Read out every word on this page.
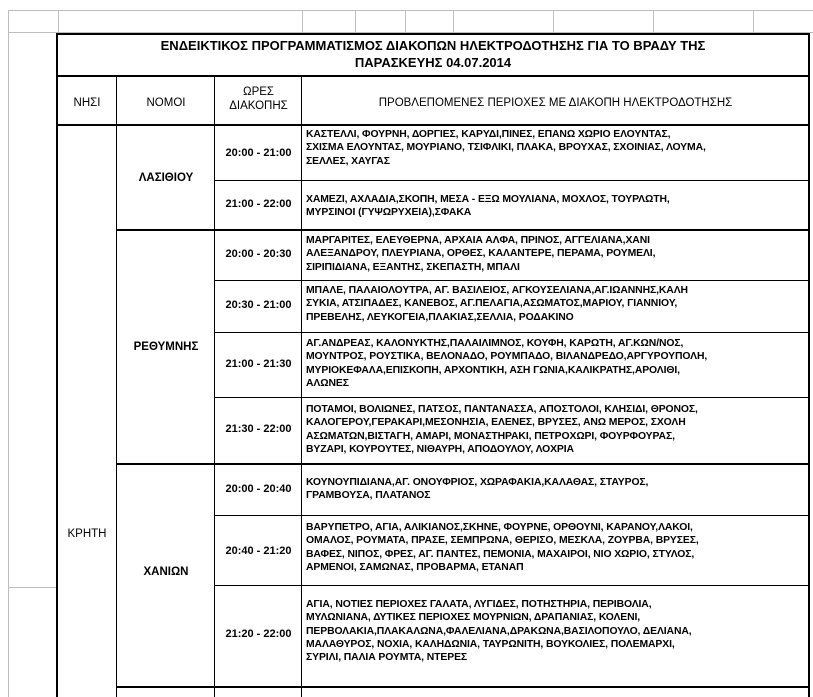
ΕΝΔΕΙΚΤΙΚΟΣ ΠΡΟΓΡΑΜΜΑΤΙΣΜΟΣ ΔΙΑΚΟΠΩΝ ΗΛΕΚΤΡΟΔΟΤΗΣΗΣ ΓΙΑ ΤΟ ΒΡΑΔΥ ΤΗΣ
ΠΑΡΑΣΚΕΥΗΣ 04.07.2014
ΝΗΣΙ	ΝΟΜΟΙ
ΩΡΕΣ
ΔΙΑΚΟΠΗΣ	ΠΡΟΒΛΕΠΟΜΕΝΕΣ ΠΕΡΙΟΧΕΣ ΜΕ ΔΙΑΚΟΠΗ ΗΛΕΚΤΡΟΔΟΤΗΣΗΣ
ΚΡΗΤΗ
ΛΑΣΙΘΙΟΥ
ΡΕΘΥΜΝΗΣ
ΧΑΝΙΩΝ
20:00 - 21:00
21:00 - 22:00
20:00 - 20:30
20:30 - 21:00
21:00 - 21:30
21:30 - 22:00
20:00 - 20:40
20:40 - 21:20
21:20 - 22:00
ΚΑΣΤΕΛΛΙ, ΦΟΥΡΝΗ, ΔΟΡΓΙΕΣ, ΚΑΡΥΔΙ,ΠΙΝΕΣ, ΕΠΑΝΩ ΧΩΡΙΟ ΕΛΟΥΝΤΑΣ,
ΣΧΙΣΜΑ ΕΛΟΥΝΤΑΣ, ΜΟΥΡΙΑΝΟ, ΤΣΙΦΛΙΚΙ, ΠΛΑΚΑ, ΒΡΟΥΧΑΣ, ΣΧΟΙΝΙΑΣ, ΛΟΥΜΑ,
ΣΕΛΛΕΣ, ΧΑΥΓΑΣ
ΧΑΜΕΖΙ, ΑΧΛΑΔΙΑ,ΣΚΟΠΗ, ΜΕΣΑ - ΕΞΩ ΜΟΥΛΙΑΝΑ, ΜΟΧΛΟΣ, ΤΟΥΡΛΩΤΗ,
ΜΥΡΣΙΝΟΙ (ΓΥΨΩΡΥΧΕΙΑ),ΣΦΑΚΑ
ΜΑΡΓΑΡΙΤΕΣ, ΕΛΕΥΘΕΡΝΑ, ΑΡΧΑΙΑ ΑΛΦΑ, ΠΡΙΝΟΣ, ΑΓΓΕΛΙΑΝΑ,ΧΑΝΙ
ΑΛΕΞΑΝΔΡΟΥ, ΠΛΕΥΡΙΑΝΑ, ΟΡΘΕΣ, ΚΑΛΑΝΤΕΡΕ, ΠΕΡΑΜΑ, ΡΟΥΜΕΛΙ,
ΣΙΡΙΠΙΔΙΑΝΑ, ΕΞΑΝΤΗΣ, ΣΚΕΠΑΣΤΗ, ΜΠΑΛΙ
ΜΠΑΛΕ, ΠΑΛΑΙΟΛΟΥΤΡΑ, ΑΓ. ΒΑΣΙΛΕΙΟΣ, ΑΓΚΟΥΣΕΛΙΑΝΑ,ΑΓ.ΙΩΑΝΝΗΣ,ΚΑΛΗ
ΣΥΚΙΑ, ΑΤΣΙΠΑΔΕΣ, ΚΑΝΕΒΟΣ, ΑΓ.ΠΕΛΑΓΙΑ,ΑΣΩΜΑΤΟΣ,ΜΑΡΙΟΥ, ΓΙΑΝΝΙΟΥ,
ΠΡΕΒΕΛΗΣ, ΛΕΥΚΟΓΕΙΑ,ΠΛΑΚΙΑΣ,ΣΕΛΛΙΑ, ΡΟΔΑΚΙΝΟ
ΑΓ.ΑΝΔΡΕΑΣ, ΚΑΛΟΝΥΚΤΗΣ,ΠΑΛΑΙΛΙΜΝΟΣ, ΚΟΥΦΗ, ΚΑΡΩΤΗ, ΑΓ.ΚΩΝ/ΝΟΣ,
ΜΟΥΝΤΡΟΣ, ΡΟΥΣΤΙΚΑ, ΒΕΛΟΝΑΔΟ, ΡΟΥΜΠΑΔΟ, ΒΙΛΑΝΔΡΕΔΟ,ΑΡΓΥΡΟΥΠΟΛΗ,
ΜΥΡΙΟΚΕΦΑΛΑ,ΕΠΙΣΚΟΠΗ, ΑΡΧΟΝΤΙΚΗ, ΑΣΗ ΓΩΝΙΑ,ΚΑΛΙΚΡΑΤΗΣ,ΑΡΟΛΙΘΙ,
ΑΛΩΝΕΣ
ΠΟΤΑΜΟΙ, ΒΟΛΙΩΝΕΣ, ΠΑΤΣΟΣ, ΠΑΝΤΑΝΑΣΣΑ, ΑΠΟΣΤΟΛΟΙ, ΚΛΗΣΙΔΙ, ΘΡΟΝΟΣ,
ΚΑΛΟΓΕΡΟΥ,ΓΕΡΑΚΑΡΙ,ΜΕΣΟΝΗΣΙΑ, ΕΛΕΝΕΣ, ΒΡΥΣΕΣ, ΑΝΩ ΜΕΡΟΣ, ΣΧΟΛΗ
ΑΣΩΜΑΤΩΝ,ΒΙΣΤΑΓΗ, ΑΜΑΡΙ, ΜΟΝΑΣΤΗΡΑΚΙ, ΠΕΤΡΟΧΩΡΙ, ΦΟΥΡΦΟΥΡΑΣ,
ΒΥΖΑΡΙ, ΚΟΥΡΟΥΤΕΣ, ΝΙΘΑΥΡΗ, ΑΠΟΔΟΥΛΟΥ, ΛΟΧΡΙΑ
ΚΟΥΝΟΥΠΙΔΙΑΝΑ,ΑΓ. ΟΝΟΥΦΡΙΟΣ, ΧΩΡΑΦΑΚΙΑ,ΚΑΛΑΘΑΣ, ΣΤΑΥΡΟΣ,
ΓΡΑΜΒΟΥΣΑ, ΠΛΑΤΑΝΟΣ
ΒΑΡΥΠΕΤΡΟ, ΑΓΙΑ, ΑΛΙΚΙΑΝΟΣ,ΣΚΗΝΕ, ΦΟΥΡΝΕ, ΟΡΘΟΥΝΙ, ΚΑΡΑΝΟΥ,ΛΑΚΟΙ,
ΟΜΑΛΟΣ, ΡΟΥΜΑΤΑ, ΠΡΑΣΕ, ΣΕΜΠΡΩΝΑ, ΘΕΡΙΣΟ, ΜΕΣΚΛΑ, ΖΟΥΡΒΑ, ΒΡΥΣΕΣ,
ΒΑΦΕΣ, ΝΙΠΟΣ, ΦΡΕΣ, ΑΓ. ΠΑΝΤΕΣ, ΠΕΜΟΝΙΑ, ΜΑΧΑΙΡΟΙ, ΝΙΟ ΧΩΡΙΟ, ΣΤΥΛΟΣ,
ΑΡΜΕΝΟΙ, ΣΑΜΩΝΑΣ, ΠΡΟΒΑΡΜΑ, ΕΤΑΝΑΠ
ΑΓΙΑ, ΝΟΤΙΕΣ ΠΕΡΙΟΧΕΣ ΓΑΛΑΤΑ, ΛΥΓΙΔΕΣ, ΠΟΤΗΣΤΗΡΙΑ, ΠΕΡΙΒΟΛΙΑ,
ΜΥΛΩΝΙΑΝΑ, ΔΥΤΙΚΕΣ ΠΕΡΙΟΧΕΣ ΜΟΥΡΝΙΩΝ, ΔΡΑΠΑΝΙΑΣ, ΚΟΛΕΝΙ,
ΠΕΡΒΟΛΑΚΙΑ,ΠΛΑΚΑΛΩΝΑ,ΦΑΛΕΛΙΑΝΑ,ΔΡΑΚΩΝΑ,ΒΑΣΙΛΟΠΟΥΛΟ, ΔΕΛΙΑΝΑ,
ΜΑΛΑΘΥΡΟΣ, ΝΟΧΙΑ, ΚΑΛΗΔΩΝΙΑ, ΤΑΥΡΩΝΙΤΗ, ΒΟΥΚΟΛΙΕΣ, ΠΟΛΕΜΑΡΧΙ,
ΣΥΡΙΛΙ, ΠΑΛΙΑ ΡΟΥΜΤΑ, ΝΤΕΡΕΣ
